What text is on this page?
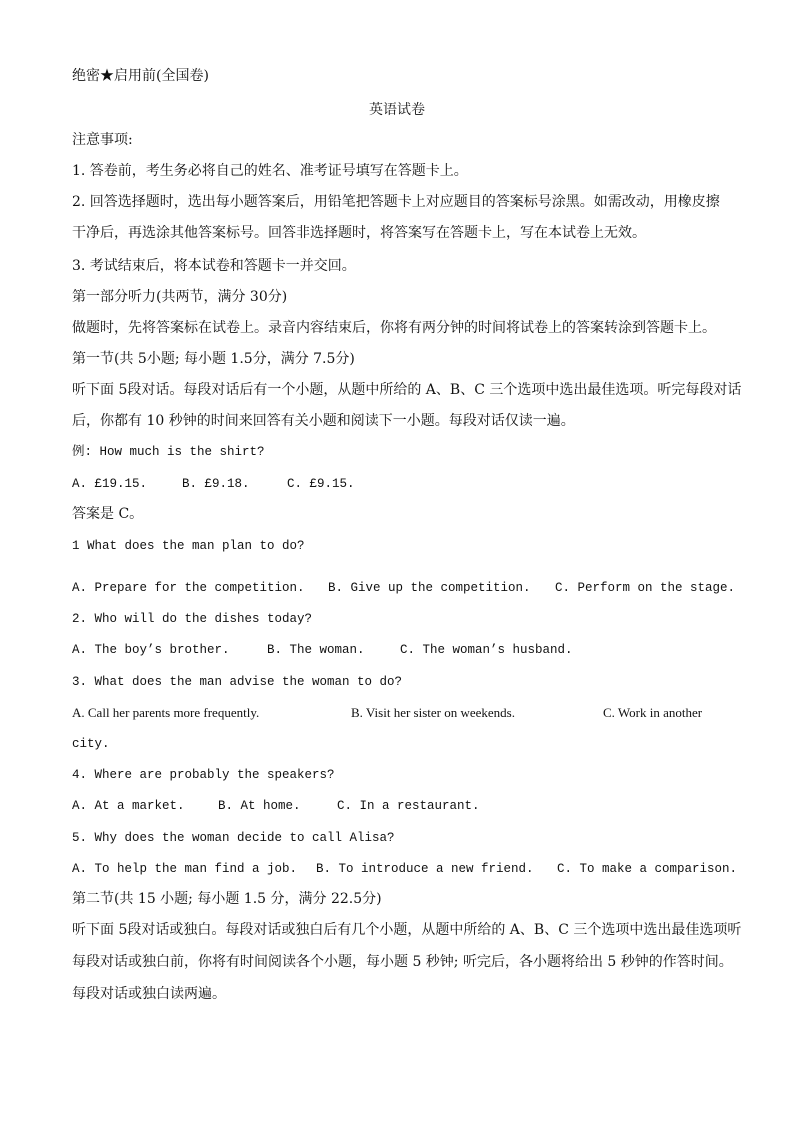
绝密★启用前(全国卷)
英语试卷
注意事项:
1. 答卷前，考生务必将自己的姓名、准考证号填写在答题卡上。
2. 回答选择题时，选出每小题答案后，用铅笔把答题卡上对应题目的答案标号涂黑。如需改动，用橡皮擦
干净后，再选涂其他答案标号。回答非选择题时，将答案写在答题卡上，写在本试卷上无效。
3. 考试结束后，将本试卷和答题卡一并交回。
第一部分听力(共两节，满分 30分)
做题时，先将答案标在试卷上。录音内容结束后，你将有两分钟的时间将试卷上的答案转涂到答题卡上。
第一节(共 5小题; 每小题 1.5分，满分 7.5分)
听下面 5段对话。每段对话后有一个小题，从题中所给的 A、B、C 三个选项中选出最佳选项。听完每段对话
后，你都有 10 秒钟的时间来回答有关小题和阅读下一小题。每段对话仅读一遍。
例: How much is the shirt?
A. £19.15.	B. £9.18.	C. £9.15.
答案是 C。
1 What does the man plan to do?
A. Prepare for the competition. B. Give up the competition. C. Perform on the stage.
2. Who will do the dishes today?
A. The boy’s brother.	B. The woman.	C. The woman’s husband.
3. What does the man advise the woman to do?
A. Call her parents more frequently.	B. Visit her sister on weekends.	C. Work in another
city.
4. Where are probably the speakers?
A. At a market.	B. At home.	C. In a restaurant.
5. Why does the woman decide to call Alisa?
A. To help the man find a job. B. To introduce a new friend. C. To make a comparison.
第二节(共 15 小题; 每小题 1.5 分，满分 22.5分)
听下面 5段对话或独白。每段对话或独白后有几个小题，从题中所给的 A、B、C 三个选项中选出最佳选项听
每段对话或独白前，你将有时间阅读各个小题，每小题 5 秒钟; 听完后，各小题将给出 5 秒钟的作答时间。
每段对话或独白读两遍。
